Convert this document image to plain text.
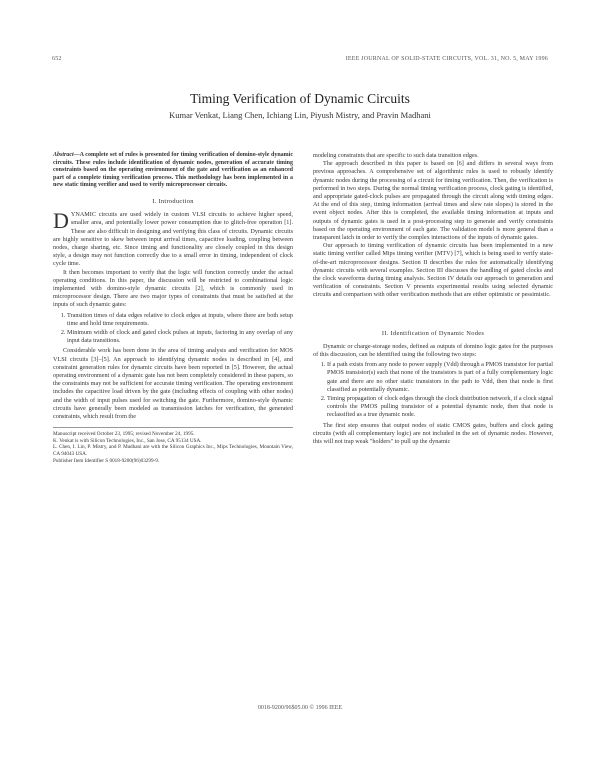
652	IEEE JOURNAL OF SOLID-STATE CIRCUITS, VOL. 31, NO. 5, MAY 1996
Timing Verification of Dynamic Circuits
Kumar Venkat, Liang Chen, Ichiang Lin, Piyush Mistry, and Pravin Madhani

Abstract—A complete set of rules is presented for timing verification of domino-style dynamic circuits. These rules include identification of dynamic nodes, generation of accurate timing constraints based on the operating environment of the gate and verification as an enhanced part of a complete timing verification process. This methodology has been implemented in a new static timing verifier and used to verify microprocessor circuits.

I. Introduction

DYNAMIC circuits are used widely in custom VLSI circuits to achieve higher speed, smaller area, and potentially lower power consumption due to glitch-free operation [1]. These are also difficult in designing and verifying this class of circuits. Dynamic circuits are highly sensitive to skew between input arrival times, capacitive loading, coupling between nodes, charge sharing, etc. Since timing and functionality are closely coupled in this design style, a design may not function correctly due to a small error in timing, independent of clock cycle time.

It then becomes important to verify that the logic will function correctly under the actual operating conditions. In this paper, the discussion will be restricted to combinational logic implemented with domino-style dynamic circuits [2], which is commonly used in microprocessor design. There are two major types of constraints that must be satisfied at the inputs of such dynamic gates:

1. Transition times of data edges relative to clock edges at inputs, where there are both setup time and hold time requirements.
2. Minimum width of clock and gated clock pulses at inputs, factoring in any overlap of any input data transitions.

Considerable work has been done in the area of timing analysis and verification for MOS VLSI circuits [3]–[5]. An approach to identifying dynamic nodes is described in [4], and constraint generation rules for dynamic circuits have been reported in [5]. However, the actual operating environment of a dynamic gate has not been completely considered in these papers, so the constraints may not be sufficient for accurate timing verification. The operating environment includes the capacitive load driven by the gate (including effects of coupling with other nodes) and the width of input pulses used for switching the gate. Furthermore, domino-style dynamic circuits have generally been modeled as transmission latches for verification, the generated constraints, which result from the

Manuscript received October 23, 1995; revised November 24, 1995.

K. Venkat is with Silicon Technologies, Inc., San Jose, CA 95134 USA.

L. Chen, I. Lin, P. Mistry, and P. Madhani are with the Silicon Graphics Inc., Mips Technologies, Mountain View, CA 94043 USA.

Publisher Item Identifier S 0018-9200(96)03299-9.

modeling constraints that are specific to such data transition edges.

The approach described in this paper is based on [6] and differs in several ways from previous approaches. A comprehensive set of algorithmic rules is used to robustly identify dynamic nodes during the processing of a circuit for timing verification. Then, the verification is performed in two steps. During the normal timing verification process, clock gating is identified, and appropriate gated-clock pulses are propagated through the circuit along with timing edges. At the end of this step, timing information (arrival times and slew rate slopes) is stored in the event object nodes. After this is completed, the available timing information at inputs and outputs of dynamic gates is used in a post-processing step to generate and verify constraints based on the operating environment of each gate. The validation model is more general than a transparent latch in order to verify the complex interactions of the inputs of dynamic gates.

Our approach to timing verification of dynamic circuits has been implemented in a new static timing verifier called Mips timing verifier (MTV) [7], which is being used to verify state-of-the-art microprocessor designs. Section II describes the rules for automatically identifying dynamic circuits with several examples. Section III discusses the handling of gated clocks and the clock waveforms during timing analysis. Section IV details our approach to generation and verification of constraints. Section V presents experimental results using selected dynamic circuits and comparison with other verification methods that are either optimistic or pessimistic.

II. Identification of Dynamic Nodes

Dynamic or charge-storage nodes, defined as outputs of domino logic gates for the purposes of this discussion, can be identified using the following two steps:

1. If a path exists from any node to power supply (Vdd) through a PMOS transistor for partial PMOS transistor(s) such that none of the transistors is part of a fully complementary logic gate and there are no other static transistors in the path to Vdd, then that node is first classified as potentially dynamic.
2. Timing propagation of clock edges through the clock distribution network, if a clock signal controls the PMOS pulling transistor of a potential dynamic node, then that node is reclassified as a true dynamic node.

The first step ensures that output nodes of static CMOS gates, buffers and clock gating circuits (with all complementary logic) are not included in the set of dynamic nodes. However, this will not trap weak "holders" to pull up the dynamic

0018-9200/96$05.00 © 1996 IEEE
